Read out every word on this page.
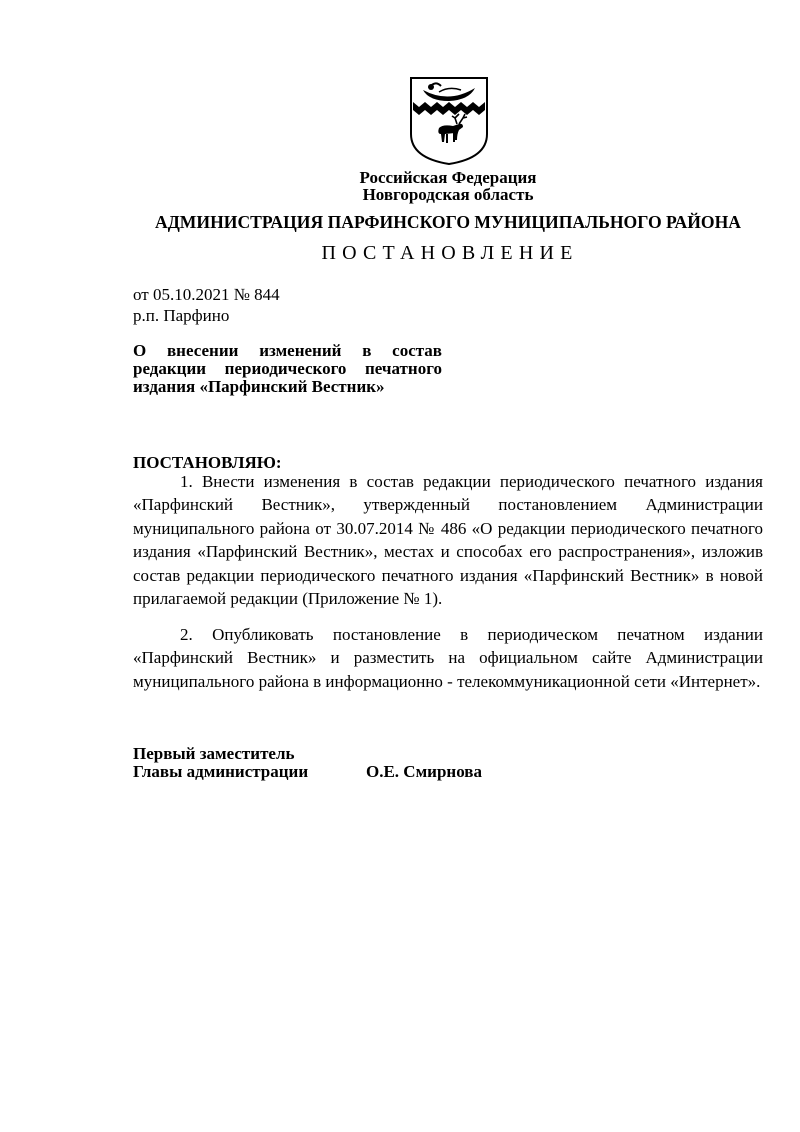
Российская Федерация
Новгородская область
АДМИНИСТРАЦИЯ ПАРФИНСКОГО МУНИЦИПАЛЬНОГО РАЙОНА
ПОСТАНОВЛЕНИЕ
от 05.10.2021 № 844
р.п. Парфино
О внесении изменений в состав редакции периодического печатного издания «Парфинский Вестник»
ПОСТАНОВЛЯЮ:

1. Внести изменения в состав редакции периодического печатного издания «Парфинский Вестник», утвержденный постановлением Администрации муниципального района от 30.07.2014 № 486 «О редакции периодического печатного издания «Парфинский Вестник», местах и способах его распространения», изложив состав редакции периодического печатного издания «Парфинский Вестник» в новой прилагаемой редакции (Приложение № 1).

2. Опубликовать постановление в периодическом печатном издании «Парфинский Вестник» и разместить на официальном сайте Администрации муниципального района в информационно - телекоммуникационной сети «Интернет».

Первый заместитель
Главы администрации	О.Е. Смирнова
